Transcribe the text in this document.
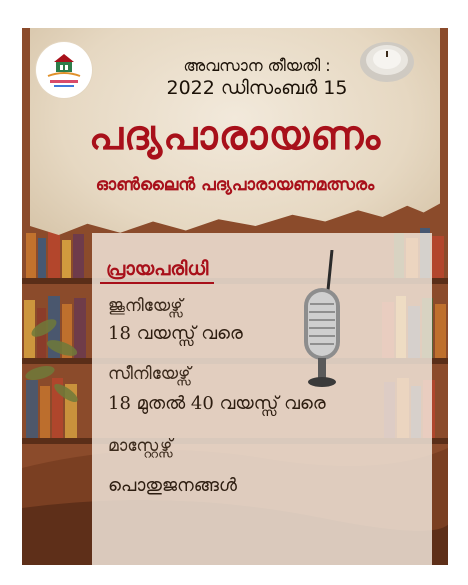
അവസാന തീയതി :
2022 ഡിസംബർ 15
പദ്യപാരായണം
ഓൺലൈൻ പദ്യപാരായണമത്സരം
പ്രായപരിധി
ജൂനിയേഴ്സ്
18 വയസ്സ് വരെ
സീനിയേഴ്സ്
18 മുതൽ 40 വയസ്സ് വരെ
മാസ്റ്റേഴ്സ്
പൊതുജനങ്ങൾ
